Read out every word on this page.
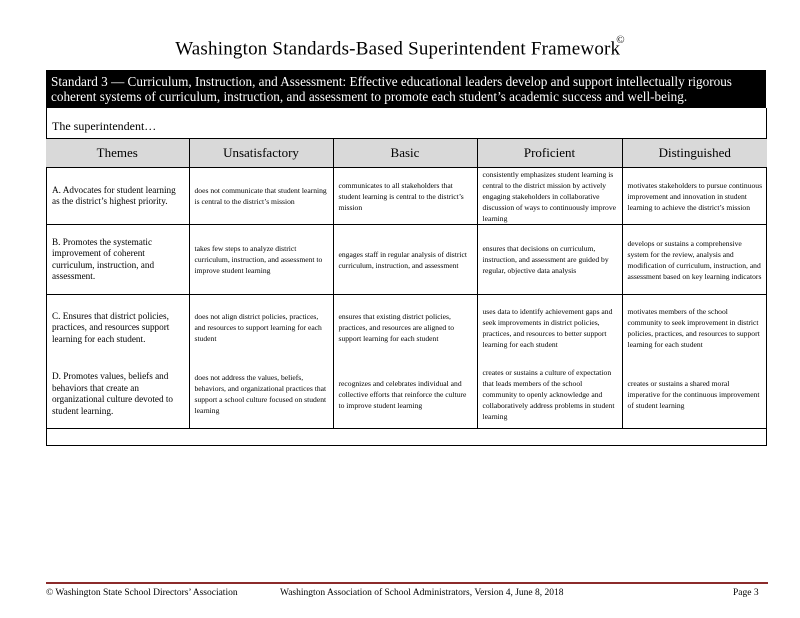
Washington Standards-Based Superintendent Framework©
Standard 3 — Curriculum, Instruction, and Assessment: Effective educational leaders develop and support intellectually rigorous
coherent systems of curriculum, instruction, and assessment to promote each student’s academic success and well-being.
The superintendent…
Themes	Unsatisfactory	Basic	Proficient	Distinguished
A. Advocates for student learning as the district’s highest priority.	does not communicate that student learning is central to the district’s mission	communicates to all stakeholders that student learning is central to the district’s mission	consistently emphasizes student learning is central to the district mission by actively engaging stakeholders in collaborative discussion of ways to continuously improve learning	motivates stakeholders to pursue continuous improvement and innovation in student learning to achieve the district’s mission
B. Promotes the systematic improvement of coherent curriculum, instruction, and assessment.	takes few steps to analyze district curriculum, instruction, and assessment to improve student learning	engages staff in regular analysis of district curriculum, instruction, and assessment	ensures that decisions on curriculum, instruction, and assessment are guided by regular, objective data analysis	develops or sustains a comprehensive system for the review, analysis and modification of curriculum, instruction, and assessment based on key learning indicators
C. Ensures that district policies, practices, and resources support learning for each student.	does not align district policies, practices, and resources to support learning for each student	ensures that existing district policies, practices, and resources are aligned to support learning for each student	uses data to identify achievement gaps and seek improvements in district policies, practices, and resources to better support learning for each student	motivates members of the school community to seek improvement in district policies, practices, and resources to support learning for each student
D. Promotes values, beliefs and behaviors that create an organizational culture devoted to student learning.	does not address the values, beliefs, behaviors, and organizational practices that support a school culture focused on student learning	recognizes and celebrates individual and collective efforts that reinforce the culture to improve student learning	creates or sustains a culture of expectation that leads members of the school community to openly acknowledge and collaboratively address problems in student learning	creates or sustains a shared moral imperative for the continuous improvement of student learning
© Washington State School Directors’ Association	Washington Association of School Administrators, Version 4, June 8, 2018	Page 3
